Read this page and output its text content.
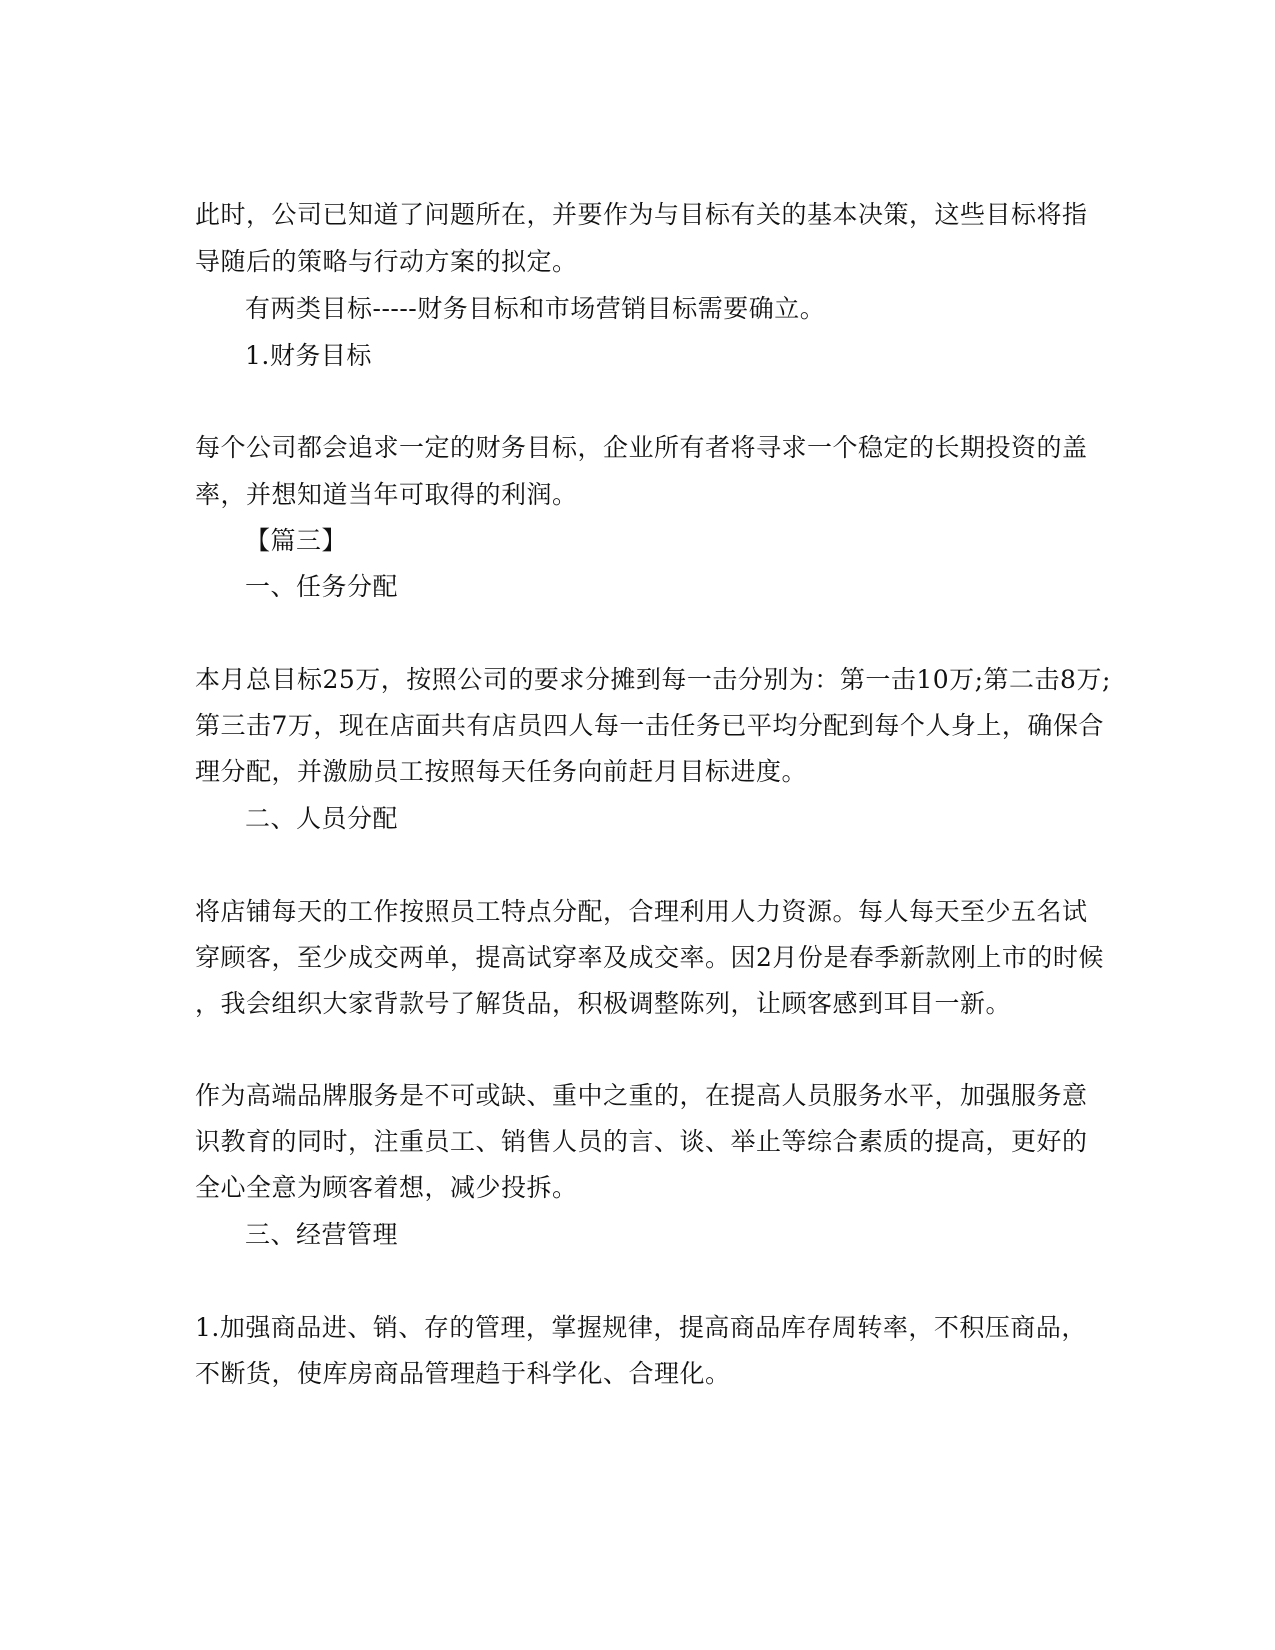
此时，公司已知道了问题所在，并要作为与目标有关的基本决策，这些目标将指
导随后的策略与行动方案的拟定。
有两类目标-----财务目标和市场营销目标需要确立。
1.财务目标
每个公司都会追求一定的财务目标，企业所有者将寻求一个稳定的长期投资的盖
率，并想知道当年可取得的利润。
【篇三】
一、任务分配
本月总目标25万，按照公司的要求分摊到每一击分别为：第一击10万;第二击8万;
第三击7万，现在店面共有店员四人每一击任务已平均分配到每个人身上，确保合
理分配，并激励员工按照每天任务向前赶月目标进度。
二、人员分配
将店铺每天的工作按照员工特点分配，合理利用人力资源。每人每天至少五名试
穿顾客，至少成交两单，提高试穿率及成交率。因2月份是春季新款刚上市的时候
，我会组织大家背款号了解货品，积极调整陈列，让顾客感到耳目一新。
作为高端品牌服务是不可或缺、重中之重的，在提高人员服务水平，加强服务意
识教育的同时，注重员工、销售人员的言、谈、举止等综合素质的提高，更好的
全心全意为顾客着想，减少投拆。
三、经营管理
1.加强商品进、销、存的管理，掌握规律，提高商品库存周转率，不积压商品，
不断货，使库房商品管理趋于科学化、合理化。
